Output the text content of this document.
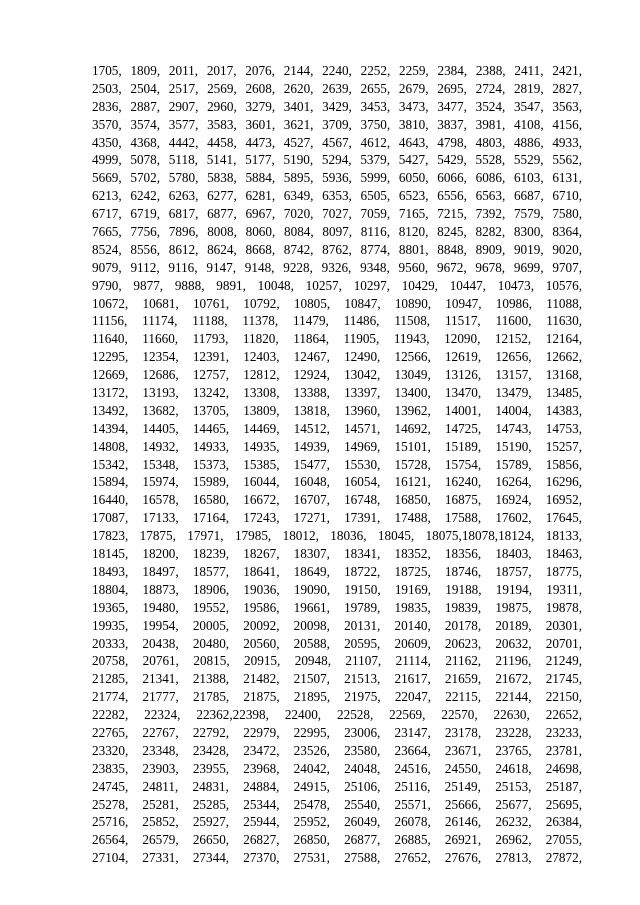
1705, 1809, 2011, 2017, 2076, 2144, 2240, 2252, 2259, 2384, 2388, 2411, 2421,
2503, 2504, 2517, 2569, 2608, 2620, 2639, 2655, 2679, 2695, 2724, 2819, 2827,
2836, 2887, 2907, 2960, 3279, 3401, 3429, 3453, 3473, 3477, 3524, 3547, 3563,
3570, 3574, 3577, 3583, 3601, 3621, 3709, 3750, 3810, 3837, 3981, 4108, 4156,
4350, 4368, 4442, 4458, 4473, 4527, 4567, 4612, 4643, 4798, 4803, 4886, 4933,
4999, 5078, 5118, 5141, 5177, 5190, 5294, 5379, 5427, 5429, 5528, 5529, 5562,
5669, 5702, 5780, 5838, 5884, 5895, 5936, 5999, 6050, 6066, 6086, 6103, 6131,
6213, 6242, 6263, 6277, 6281, 6349, 6353, 6505, 6523, 6556, 6563, 6687, 6710,
6717, 6719, 6817, 6877, 6967, 7020, 7027, 7059, 7165, 7215, 7392, 7579, 7580,
7665, 7756, 7896, 8008, 8060, 8084, 8097, 8116, 8120, 8245, 8282, 8300, 8364,
8524, 8556, 8612, 8624, 8668, 8742, 8762, 8774, 8801, 8848, 8909, 9019, 9020,
9079, 9112, 9116, 9147, 9148, 9228, 9326, 9348, 9560, 9672, 9678, 9699, 9707,
9790, 9877, 9888, 9891, 10048, 10257, 10297, 10429, 10447, 10473, 10576,
10672, 10681, 10761, 10792, 10805, 10847, 10890, 10947, 10986, 11088,
11156, 11174, 11188, 11378, 11479, 11486, 11508, 11517, 11600, 11630,
11640, 11660, 11793, 11820, 11864, 11905, 11943, 12090, 12152, 12164,
12295, 12354, 12391, 12403, 12467, 12490, 12566, 12619, 12656, 12662,
12669, 12686, 12757, 12812, 12924, 13042, 13049, 13126, 13157, 13168,
13172, 13193, 13242, 13308, 13388, 13397, 13400, 13470, 13479, 13485,
13492, 13682, 13705, 13809, 13818, 13960, 13962, 14001, 14004, 14383,
14394, 14405, 14465, 14469, 14512, 14571, 14692, 14725, 14743, 14753,
14808, 14932, 14933, 14935, 14939, 14969, 15101, 15189, 15190, 15257,
15342, 15348, 15373, 15385, 15477, 15530, 15728, 15754, 15789, 15856,
15894, 15974, 15989, 16044, 16048, 16054, 16121, 16240, 16264, 16296,
16440, 16578, 16580, 16672, 16707, 16748, 16850, 16875, 16924, 16952,
17087, 17133, 17164, 17243, 17271, 17391, 17488, 17588, 17602, 17645,
17823, 17875, 17971, 17985, 18012, 18036, 18045, 18075,18078,18124, 18133,
18145, 18200, 18239, 18267, 18307, 18341, 18352, 18356, 18403, 18463,
18493, 18497, 18577, 18641, 18649, 18722, 18725, 18746, 18757, 18775,
18804, 18873, 18906, 19036, 19090, 19150, 19169, 19188, 19194, 19311,
19365, 19480, 19552, 19586, 19661, 19789, 19835, 19839, 19875, 19878,
19935, 19954, 20005, 20092, 20098, 20131, 20140, 20178, 20189, 20301,
20333, 20438, 20480, 20560, 20588, 20595, 20609, 20623, 20632, 20701,
20758, 20761, 20815, 20915, 20948, 21107, 21114, 21162, 21196, 21249,
21285, 21341, 21388, 21482, 21507, 21513, 21617, 21659, 21672, 21745,
21774, 21777, 21785, 21875, 21895, 21975, 22047, 22115, 22144, 22150,
22282, 22324, 22362,22398, 22400, 22528, 22569, 22570, 22630, 22652,
22765, 22767, 22792, 22979, 22995, 23006, 23147, 23178, 23228, 23233,
23320, 23348, 23428, 23472, 23526, 23580, 23664, 23671, 23765, 23781,
23835, 23903, 23955, 23968, 24042, 24048, 24516, 24550, 24618, 24698,
24745, 24811, 24831, 24884, 24915, 25106, 25116, 25149, 25153, 25187,
25278, 25281, 25285, 25344, 25478, 25540, 25571, 25666, 25677, 25695,
25716, 25852, 25927, 25944, 25952, 26049, 26078, 26146, 26232, 26384,
26564, 26579, 26650, 26827, 26850, 26877, 26885, 26921, 26962, 27055,
27104, 27331, 27344, 27370, 27531, 27588, 27652, 27676, 27813, 27872,
